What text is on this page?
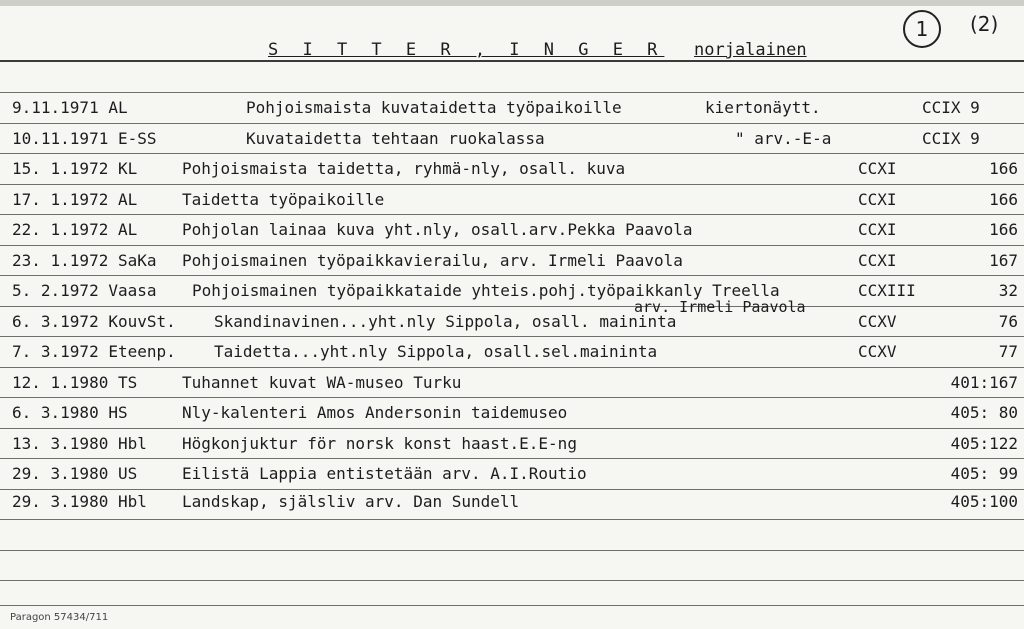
S I T T E R , I N G E R norjalainen
1	(2)
9.11.1971 AL	Pohjoismaista kuvataidetta työpaikoille	kiertonäytt.	CCIX 9
10.11.1971 E-SS	Kuvataidetta tehtaan ruokalassa	" arv.-E-a	CCIX 9
15. 1.1972 KL	Pohjoismaista taidetta, ryhmä-nly, osall. kuva	CCXI	166
17. 1.1972 AL	Taidetta työpaikoille	CCXI	166
22. 1.1972 AL	Pohjolan lainaa kuva yht.nly, osall.arv.Pekka Paavola	CCXI	166
23. 1.1972 SaKa Pohjoismainen työpaikkavierailu, arv. Irmeli Paavola	CCXI	167
5. 2.1972 Vaasa Pohjoismainen työpaikkataide yhteis.pohj.työpaikkanly Treella	CCXIII	32
arv. Irmeli Paavola
6. 3.1972 KouvSt. Skandinavinen...yht.nly Sippola, osall. maininta	CCXV	76
7. 3.1972 Eteenp. Taidetta...yht.nly Sippola, osall.sel.maininta	CCXV	77
12. 1.1980 TS	Tuhannet kuvat WA-museo Turku	401:167
6. 3.1980 HS	Nly-kalenteri Amos Andersonin taidemuseo	405: 80
13. 3.1980 Hbl Högkonjuktur för norsk konst haast.E.E-ng	405:122
29. 3.1980 US	Eilistä Lappia entistetään arv. A.I.Routio	405: 99
29. 3.1980 Hbl Landskap, själsliv arv. Dan Sundell	405:100
Paragon 57434/711
